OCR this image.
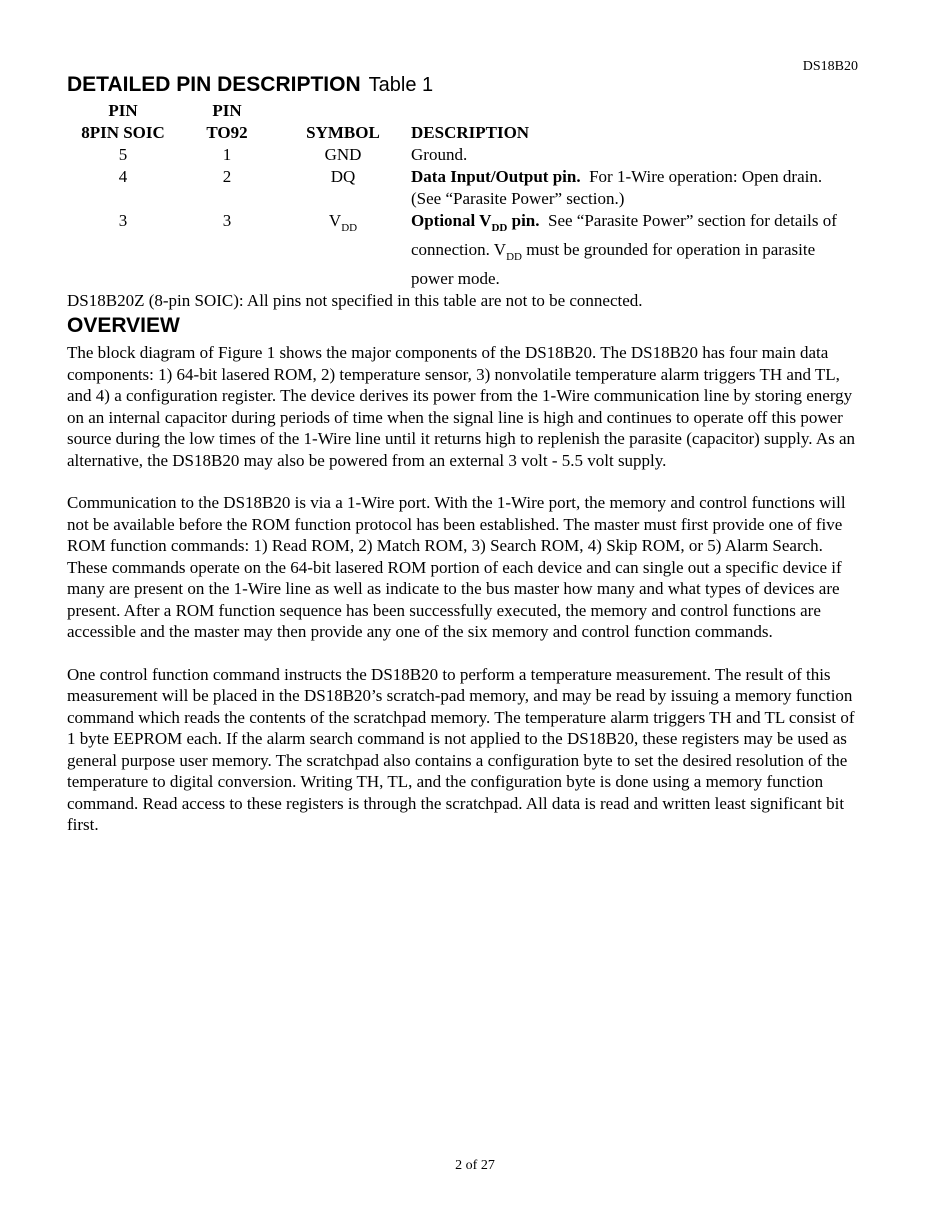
DS18B20
DETAILED PIN DESCRIPTION Table 1
PIN	PIN		
8PIN SOIC	TO92	SYMBOL	DESCRIPTION
5	1	GND	Ground.
4	2	DQ	Data Input/Output pin. For 1-Wire operation: Open drain. (See “Parasite Power” section.)
3	3	$V_{DD}$	Optional $V_{DD}$ pin. See “Parasite Power” section for details of connection. $V_{DD}$ must be grounded for operation in parasite power mode.
DS18B20Z (8-pin SOIC): All pins not specified in this table are not to be connected.
OVERVIEW

The block diagram of Figure 1 shows the major components of the DS18B20. The DS18B20 has four main data components: 1) 64-bit lasered ROM, 2) temperature sensor, 3) nonvolatile temperature alarm triggers TH and TL, and 4) a configuration register. The device derives its power from the 1-Wire communication line by storing energy on an internal capacitor during periods of time when the signal line is high and continues to operate off this power source during the low times of the 1-Wire line until it returns high to replenish the parasite (capacitor) supply. As an alternative, the DS18B20 may also be powered from an external 3 volt - 5.5 volt supply.

Communication to the DS18B20 is via a 1-Wire port. With the 1-Wire port, the memory and control functions will not be available before the ROM function protocol has been established. The master must first provide one of five ROM function commands: 1) Read ROM, 2) Match ROM, 3) Search ROM, 4) Skip ROM, or 5) Alarm Search. These commands operate on the 64-bit lasered ROM portion of each device and can single out a specific device if many are present on the 1-Wire line as well as indicate to the bus master how many and what types of devices are present. After a ROM function sequence has been successfully executed, the memory and control functions are accessible and the master may then provide any one of the six memory and control function commands.

One control function command instructs the DS18B20 to perform a temperature measurement. The result of this measurement will be placed in the DS18B20’s scratch-pad memory, and may be read by issuing a memory function command which reads the contents of the scratchpad memory. The temperature alarm triggers TH and TL consist of 1 byte EEPROM each. If the alarm search command is not applied to the DS18B20, these registers may be used as general purpose user memory. The scratchpad also contains a configuration byte to set the desired resolution of the temperature to digital conversion. Writing TH, TL, and the configuration byte is done using a memory function command. Read access to these registers is through the scratchpad. All data is read and written least significant bit first.

2 of 27
